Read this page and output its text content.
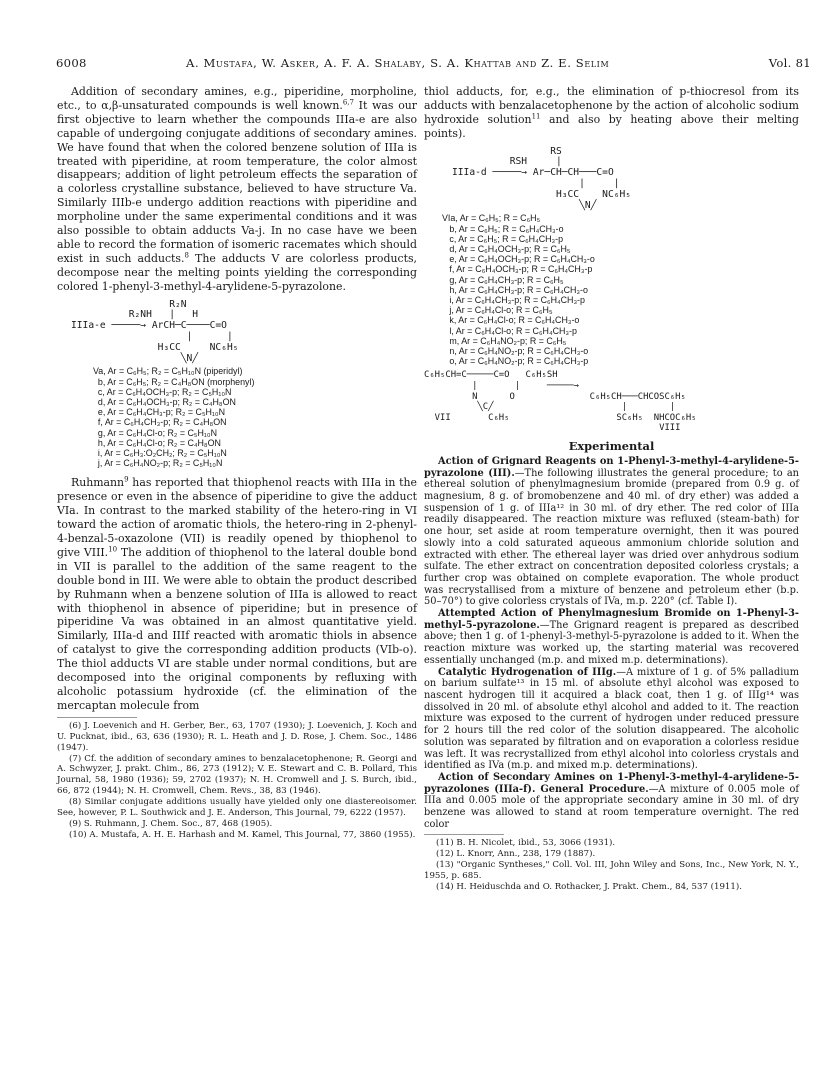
6008	A. Mustafa, W. Asker, A. F. A. Shalaby, S. A. Khattab and Z. E. Selim	Vol. 81

Addition of secondary amines, e.g., piperidine, morpholine, etc., to α,β-unsaturated compounds is well known.$^{6,7}$ It was our first objective to learn whether the compounds IIIa-e are also capable of undergoing conjugate additions of secondary amines. We have found that when the colored benzene solution of IIIa is treated with piperidine, at room temperature, the color almost disappears; addition of light petroleum effects the separation of a colorless crystalline substance, believed to have structure Va. Similarly IIIb-e undergo addition reactions with piperidine and morpholine under the same experimental conditions and it was also possible to obtain adducts Va-j. In no case have we been able to record the formation of isomeric racemates which should exist in such adducts.$^8$ The adducts V are colorless products, decompose near the melting points yielding the corresponding colored 1-phenyl-3-methyl-4-arylidene-5-pyrazolone.

R₂N
R₂NH   |   H
IIIa-e ─────→ ArCH─C────C=O
|      |
H₃CC     NC₆H₅
╲N╱
Va, Ar = C₆H₅; R₂ = C₅H₁₀N (piperidyl)
b, Ar = C₆H₅; R₂ = C₄H₈ON (morphenyl)
c, Ar = C₆H₄OCH₃-p; R₂ = C₅H₁₀N
d, Ar = C₆H₄OCH₃-p; R₂ = C₄H₈ON
e, Ar = C₆H₄CH₃-p; R₂ = C₅H₁₀N
f, Ar = C₆H₄CH₃-p; R₂ = C₄H₈ON
g, Ar = C₆H₄Cl-o; R₂ = C₅H₁₀N
h, Ar = C₆H₄Cl-o; R₂ = C₄H₈ON
i, Ar = C₆H₃:O₂CH₂; R₂ = C₅H₁₀N
j, Ar = C₆H₄NO₂-p; R₂ = C₅H₁₀N

Ruhmann$^9$ has reported that thiophenol reacts with IIIa in the presence or even in the absence of piperidine to give the adduct VIa. In contrast to the marked stability of the hetero-ring in VI toward the action of aromatic thiols, the hetero-ring in 2-phenyl-4-benzal-5-oxazolone (VII) is readily opened by thiophenol to give VIII.$^{10}$ The addition of thiophenol to the lateral double bond in VII is parallel to the addition of the same reagent to the double bond in III. We were able to obtain the product described by Ruhmann when a benzene solution of IIIa is allowed to react with thiophenol in absence of piperidine; but in presence of piperidine Va was obtained in an almost quantitative yield. Similarly, IIIa-d and IIIf reacted with aromatic thiols in absence of catalyst to give the corresponding addition products (VIb-o). The thiol adducts VI are stable under normal conditions, but are decomposed into the original components by refluxing with alcoholic potassium hydroxide (cf. the elimination of the mercaptan molecule from

(6) J. Loevenich and H. Gerber, Ber., 63, 1707 (1930); J. Loevenich, J. Koch and U. Pucknat, ibid., 63, 636 (1930); R. L. Heath and J. D. Rose, J. Chem. Soc., 1486 (1947).
(7) Cf. the addition of secondary amines to benzalacetophenone; R. Georgi and A. Schwyzer, J. prakt. Chim., 86, 273 (1912); V. E. Stewart and C. B. Pollard, This Journal, 58, 1980 (1936); 59, 2702 (1937); N. H. Cromwell and J. S. Burch, ibid., 66, 872 (1944); N. H. Cromwell, Chem. Revs., 38, 83 (1946).
(8) Similar conjugate additions usually have yielded only one diastereoisomer. See, however, P. L. Southwick and J. E. Anderson, This Journal, 79, 6222 (1957).
(9) S. Ruhmann, J. Chem. Soc., 87, 468 (1905).
(10) A. Mustafa, A. H. E. Harhash and M. Kamel, This Journal, 77, 3860 (1955).

thiol adducts, for, e.g., the elimination of p-thiocresol from its adducts with benzalacetophenone by the action of alcoholic sodium hydroxide solution$^{11}$ and also by heating above their melting points).

RS
RSH     |
IIIa-d ─────→ Ar─CH─CH───C=O
|     |
H₃CC    NC₆H₅
╲N╱
VIa, Ar = C₆H₅; R = C₆H₅
b, Ar = C₆H₅; R = C₆H₄CH₃-o
c, Ar = C₆H₅; R = C₆H₄CH₃-p
d, Ar = C₆H₄OCH₃-p; R = C₆H₅
e, Ar = C₆H₄OCH₃-p; R = C₆H₄CH₃-o
f, Ar = C₆H₄OCH₃-p; R = C₆H₄CH₃-p
g, Ar = C₆H₄CH₃-p; R = C₆H₅
h, Ar = C₆H₄CH₃-p; R = C₆H₄CH₃-o
i, Ar = C₆H₄CH₃-p; R = C₆H₄CH₃-p
j, Ar = C₆H₄Cl-o; R = C₆H₅
k, Ar = C₆H₄Cl-o; R = C₆H₄CH₃-o
l, Ar = C₆H₄Cl-o; R = C₆H₄CH₃-p
m, Ar = C₆H₄NO₂-p; R = C₆H₅
n, Ar = C₆H₄NO₂-p; R = C₆H₄CH₃-o
o, Ar = C₆H₄NO₂-p; R = C₆H₄CH₃-p
C₆H₅CH=C─────C=O   C₆H₅SH
|       |     ─────→
N      O              C₆H₅CH───CHCOSC₆H₅
╲C╱                        |        |
VII       C₆H₅                    SC₆H₅  NHCOC₆H₅
VIII
Experimental

Action of Grignard Reagents on 1-Phenyl-3-methyl-4-arylidene-5-pyrazolone (III).—The following illustrates the general procedure; to an ethereal solution of phenylmagnesium bromide (prepared from 0.9 g. of magnesium, 8 g. of bromobenzene and 40 ml. of dry ether) was added a suspension of 1 g. of IIIa¹² in 30 ml. of dry ether. The red color of IIIa readily disappeared. The reaction mixture was refluxed (steam-bath) for one hour, set aside at room temperature overnight, then it was poured slowly into a cold saturated aqueous ammonium chloride solution and extracted with ether. The ethereal layer was dried over anhydrous sodium sulfate. The ether extract on concentration deposited colorless crystals; a further crop was obtained on complete evaporation. The whole product was recrystallised from a mixture of benzene and petroleum ether (b.p. 50–70°) to give colorless crystals of IVa, m.p. 220° (cf. Table I).

Attempted Action of Phenylmagnesium Bromide on 1-Phenyl-3-methyl-5-pyrazolone.—The Grignard reagent is prepared as described above; then 1 g. of 1-phenyl-3-methyl-5-pyrazolone is added to it. When the reaction mixture was worked up, the starting material was recovered essentially unchanged (m.p. and mixed m.p. determinations).

Catalytic Hydrogenation of IIIg.—A mixture of 1 g. of 5% palladium on barium sulfate¹³ in 15 ml. of absolute ethyl alcohol was exposed to nascent hydrogen till it acquired a black coat, then 1 g. of IIIg¹⁴ was dissolved in 20 ml. of absolute ethyl alcohol and added to it. The reaction mixture was exposed to the current of hydrogen under reduced pressure for 2 hours till the red color of the solution disappeared. The alcoholic solution was separated by filtration and on evaporation a colorless residue was left. It was recrystallized from ethyl alcohol into colorless crystals and identified as IVa (m.p. and mixed m.p. determinations).

Action of Secondary Amines on 1-Phenyl-3-methyl-4-arylidene-5-pyrazolones (IIIa-f). General Procedure.—A mixture of 0.005 mole of IIIa and 0.005 mole of the appropriate secondary amine in 30 ml. of dry benzene was allowed to stand at room temperature overnight. The red color

(11) B. H. Nicolet, ibid., 53, 3066 (1931).
(12) L. Knorr, Ann., 238, 179 (1887).
(13) "Organic Syntheses," Coll. Vol. III, John Wiley and Sons, Inc., New York, N. Y., 1955, p. 685.
(14) H. Heiduschda and O. Rothacker, J. Prakt. Chem., 84, 537 (1911).
